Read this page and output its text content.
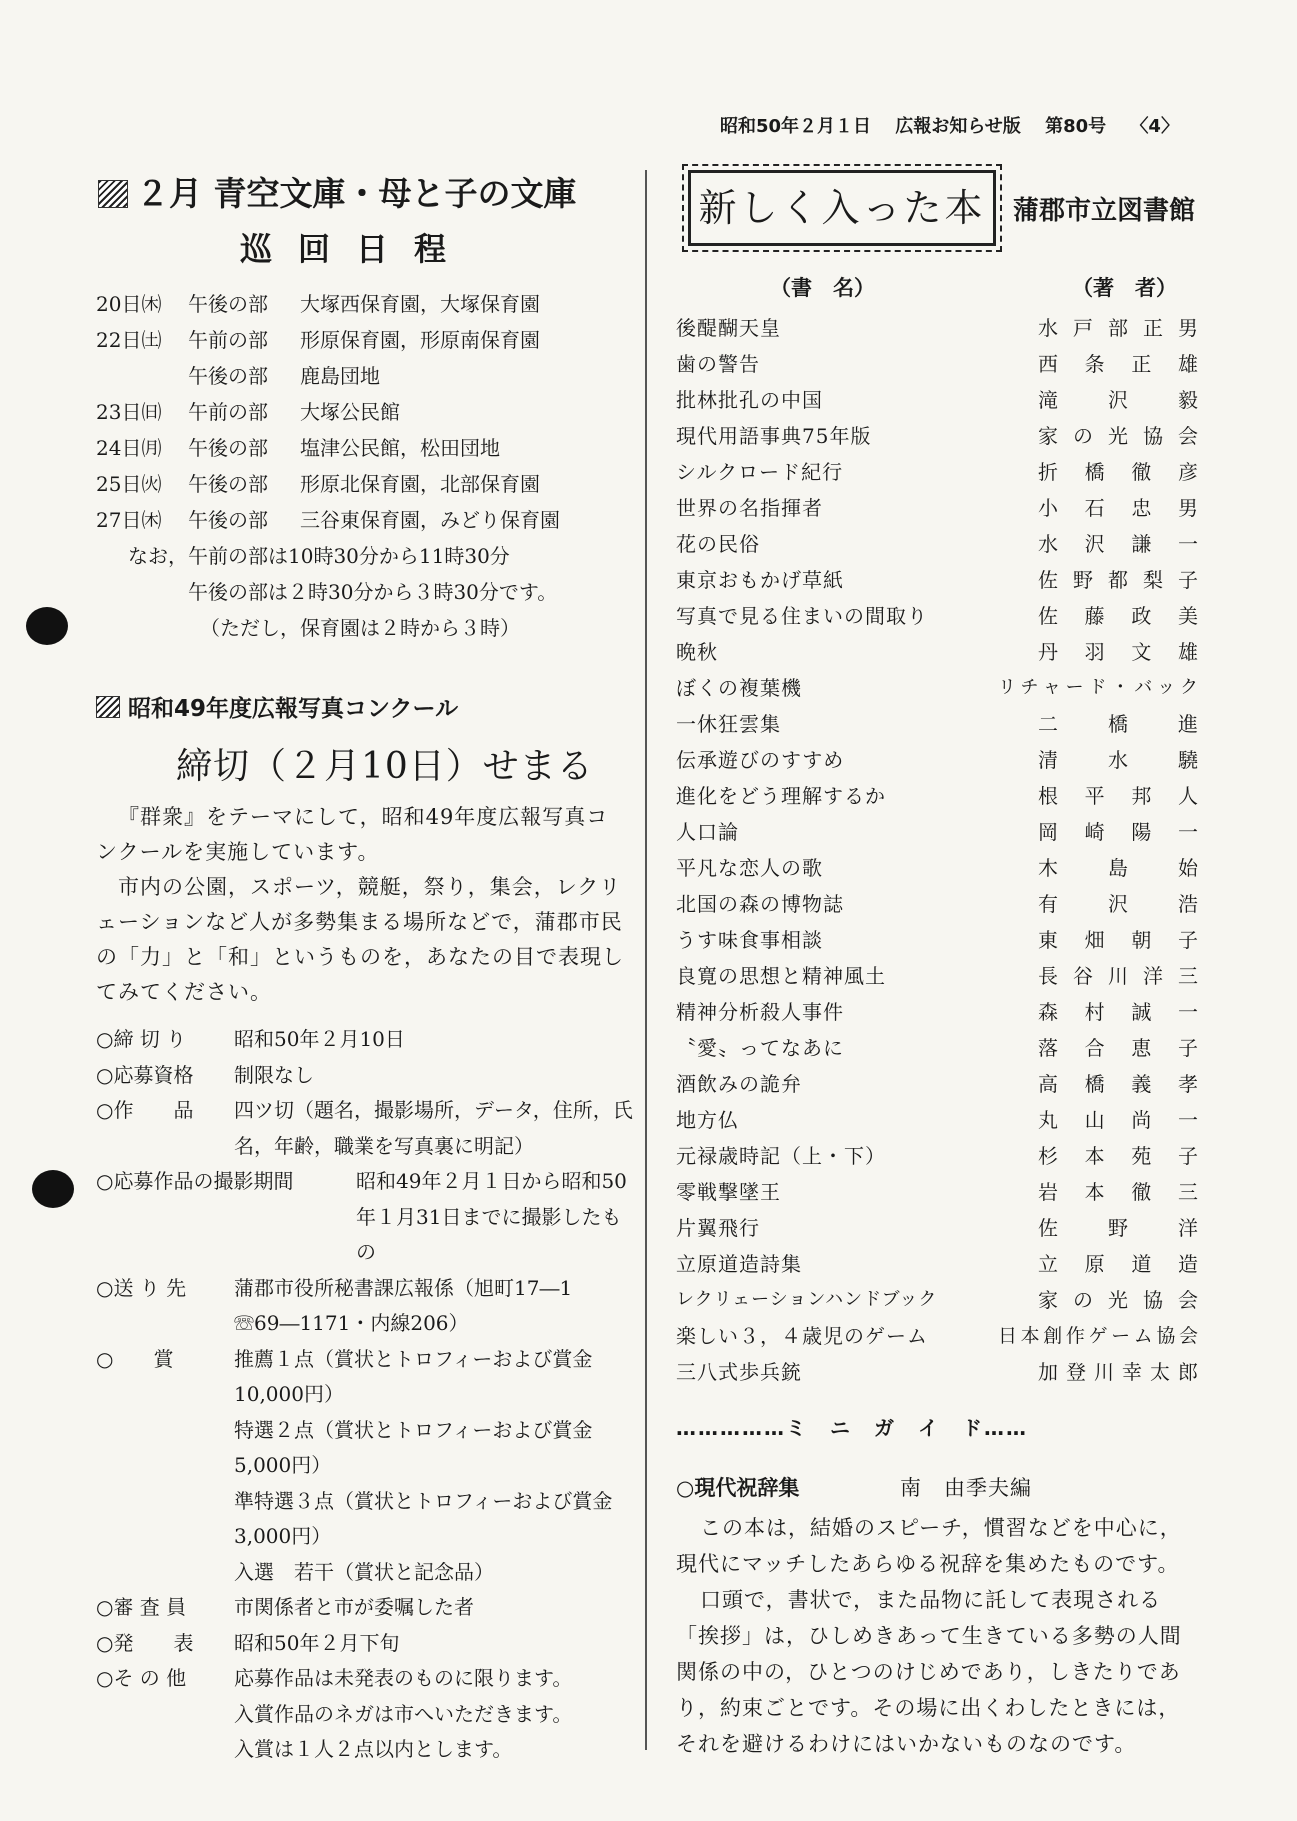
昭和50年２月１日 広報お知らせ版 第80号 〈4〉
２月 青空文庫・母と子の文庫
巡回日程
20日㈭	午後の部	大塚西保育園，大塚保育園
22日㈯	午前の部	形原保育園，形原南保育園
午後の部	鹿島団地
23日㈰	午前の部	大塚公民館
24日㈪	午後の部	塩津公民館，松田団地
25日㈫	午後の部	形原北保育園，北部保育園
27日㈭	午後の部	三谷東保育園，みどり保育園
なお， 午前の部は10時30分から11時30分
午後の部は２時30分から３時30分です。
（ただし，保育園は２時から３時）
昭和49年度広報写真コンクール
締切（２月10日）せまる

『群衆』をテーマにして，昭和49年度広報写真コンクールを実施しています。

市内の公園，スポーツ，競艇，祭り，集会，レクリェーションなど人が多勢集まる場所などで，蒲郡市民の「力」と「和」というものを，あなたの目で表現してみてください。

○締 切 り	昭和50年２月10日
○応募資格	制限なし
○作　　品	四ツ切（題名，撮影場所，データ，住所，氏名，年齢，職業を写真裏に明記）
○応募作品の撮影期間	昭和49年２月１日から昭和50年１月31日までに撮影したもの
○送 り 先	蒲郡市役所秘書課広報係（旭町17―1 ☏69―1171・内線206）
○　　賞	推薦１点（賞状とトロフィーおよび賞金 10,000円）
特選２点（賞状とトロフィーおよび賞金 5,000円）
準特選３点（賞状とトロフィーおよび賞金 3,000円）
入選　若干（賞状と記念品）
○審 査 員	市関係者と市が委嘱した者
○発　　表	昭和50年２月下旬
○そ の 他	応募作品は未発表のものに限ります。
入賞作品のネガは市へいただきます。
入賞は１人２点以内とします。
新しく入った本	蒲郡市立図書館
（書　名）	（著　者）
後醍醐天皇	水戸部正男
歯の警告	西条正雄
批林批孔の中国	滝沢毅
現代用語事典75年版	家の光協会
シルクロード紀行	折橋徹彦
世界の名指揮者	小石忠男
花の民俗	水沢謙一
東京おもかげ草紙	佐野都梨子
写真で見る住まいの間取り	佐藤政美
晩秋	丹羽文雄
ぼくの複葉機	リチャード・バック
一休狂雲集	二橋進
伝承遊びのすすめ	清水驍
進化をどう理解するか	根平邦人
人口論	岡崎陽一
平凡な恋人の歌	木島始
北国の森の博物誌	有沢浩
うす味食事相談	東畑朝子
良寛の思想と精神風土	長谷川洋三
精神分析殺人事件	森村誠一
〝愛〟ってなあに	落合恵子
酒飲みの詭弁	高橋義孝
地方仏	丸山尚一
元禄歳時記（上・下）	杉本苑子
零戦撃墜王	岩本徹三
片翼飛行	佐野洋
立原道造詩集	立原道造
レクリェーションハンドブック	家の光協会
楽しい３，４歳児のゲーム	日本創作ゲーム協会
三八式歩兵銃	加登川幸太郎
……………ミ　ニ　ガ　イ　ド……
○現代祝辞集	南　由季夫編

この本は，結婚のスピーチ，慣習などを中心に，現代にマッチしたあらゆる祝辞を集めたものです。

口頭で，書状で，また品物に託して表現される「挨拶」は，ひしめきあって生きている多勢の人間関係の中の，ひとつのけじめであり，しきたりであり，約束ごとです。その場に出くわしたときには，それを避けるわけにはいかないものなのです。
